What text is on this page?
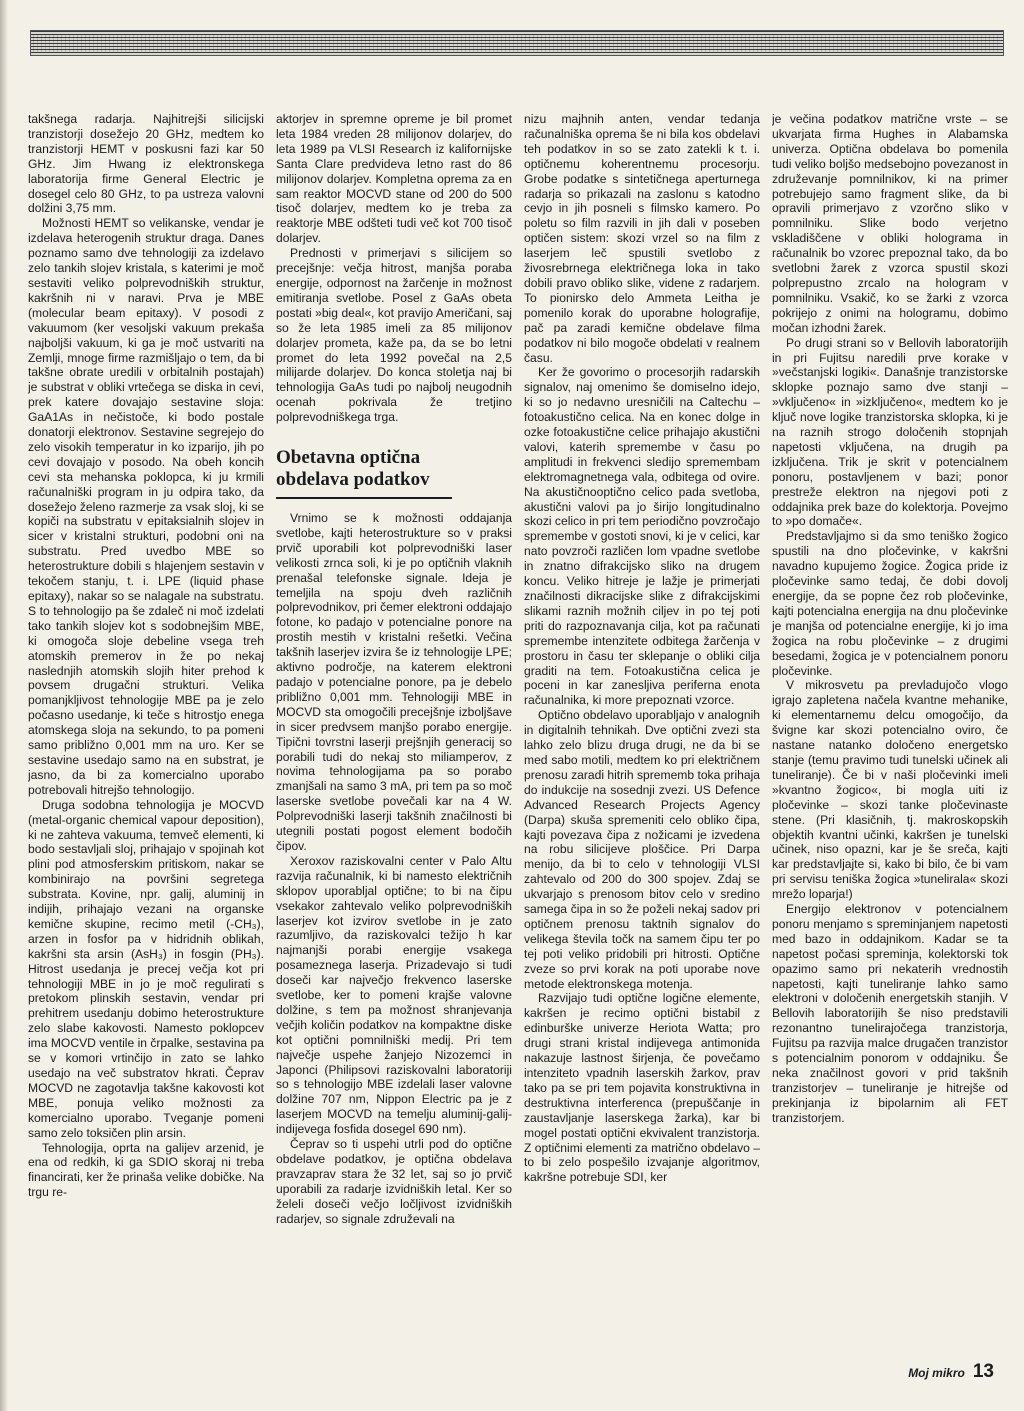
takšnega radarja. Najhitrejši silicijski tranzistorji dosežejo 20 GHz, medtem ko tranzistorji HEMT v poskusni fazi kar 50 GHz. Jim Hwang iz elektronskega laboratorija firme General Electric je dosegel celo 80 GHz, to pa ustreza valovni dolžini 3,75 mm.

Možnosti HEMT so velikanske, vendar je izdelava heterogenih struktur draga. Danes poznamo samo dve tehnologiji za izdelavo zelo tankih slojev kristala, s katerimi je moč sestaviti veliko polprevodniških struktur, kakršnih ni v naravi. Prva je MBE (molecular beam epitaxy). V posodi z vakuumom (ker vesoljski vakuum prekaša najboljši vakuum, ki ga je moč ustvariti na Zemlji, mnoge firme razmišljajo o tem, da bi takšne obrate uredili v orbitalnih postajah) je substrat v obliki vrtečega se diska in cevi, prek katere dovajajo sestavine sloja: GaA1As in nečistoče, ki bodo postale donatorji elektronov. Sestavine segrejejo do zelo visokih temperatur in ko izparijo, jih po cevi dovajajo v posodo. Na obeh koncih cevi sta mehanska poklopca, ki ju krmili računalniški program in ju odpira tako, da dosežejo želeno razmerje za vsak sloj, ki se kopiči na substratu v epitaksialnih slojev in sicer v kristalni strukturi, podobni oni na substratu. Pred uvedbo MBE so heterostrukture dobili s hlajenjem sestavin v tekočem stanju, t. i. LPE (liquid phase epitaxy), nakar so se nalagale na substratu. S to tehnologijo pa še zdaleč ni moč izdelati tako tankih slojev kot s sodobnejšim MBE, ki omogoča sloje debeline vsega treh atomskih premerov in že po nekaj naslednjih atomskih slojih hiter prehod k povsem drugačni strukturi. Velika pomanjkljivost tehnologije MBE pa je zelo počasno usedanje, ki teče s hitrostjo enega atomskega sloja na sekundo, to pa pomeni samo približno 0,001 mm na uro. Ker se sestavine usedajo samo na en substrat, je jasno, da bi za komercialno uporabo potrebovali hitrejšo tehnologijo.

Druga sodobna tehnologija je MOCVD (metal-organic chemical vapour deposition), ki ne zahteva vakuuma, temveč elementi, ki bodo sestavljali sloj, prihajajo v spojinah kot plini pod atmosferskim pritiskom, nakar se kombinirajo na površini segretega substrata. Kovine, npr. galij, aluminij in indijih, prihajajo vezani na organske kemične skupine, recimo metil (-CH₃), arzen in fosfor pa v hidridnih oblikah, kakršni sta arsin (AsH₃) in fosgin (PH₃). Hitrost usedanja je precej večja kot pri tehnologiji MBE in jo je moč regulirati s pretokom plinskih sestavin, vendar pri prehitrem usedanju dobimo heterostrukture zelo slabe kakovosti. Namesto poklopcev ima MOCVD ventile in črpalke, sestavina pa se v komori vrtinčijo in zato se lahko usedajo na več substratov hkrati. Čeprav MOCVD ne zagotavlja takšne kakovosti kot MBE, ponuja veliko možnosti za komercialno uporabo. Tveganje pomeni samo zelo toksičen plin arsin.

Tehnologija, oprta na galijev arzenid, je ena od redkih, ki ga SDIO skoraj ni treba financirati, ker že prinaša velike dobičke. Na trgu re-

aktorjev in spremne opreme je bil promet leta 1984 vreden 28 milijonov dolarjev, do leta 1989 pa VLSI Research iz kalifornijske Santa Clare predvideva letno rast do 86 milijonov dolarjev. Kompletna oprema za en sam reaktor MOCVD stane od 200 do 500 tisoč dolarjev, medtem ko je treba za reaktorje MBE odšteti tudi več kot 700 tisoč dolarjev.

Prednosti v primerjavi s silicijem so precejšnje: večja hitrost, manjša poraba energije, odpornost na žarčenje in možnost emitiranja svetlobe. Posel z GaAs obeta postati »big deal«, kot pravijo Američani, saj so že leta 1985 imeli za 85 milijonov dolarjev prometa, kaže pa, da se bo letni promet do leta 1992 povečal na 2,5 milijarde dolarjev. Do konca stoletja naj bi tehnologija GaAs tudi po najbolj neugodnih ocenah pokrivala že tretjino polprevodniškega trga.

Obetavna optična obdelava podatkov

Vrnimo se k možnosti oddajanja svetlobe, kajti heterostrukture so v praksi prvič uporabili kot polprevodniški laser velikosti zrnca soli, ki je po optičnih vlaknih prenašal telefonske signale. Ideja je temeljila na spoju dveh različnih polprevodnikov, pri čemer elektroni oddajajo fotone, ko padajo v potencialne ponore na prostih mestih v kristalni rešetki. Večina takšnih laserjev izvira še iz tehnologije LPE; aktivno področje, na katerem elektroni padajo v potencialne ponore, pa je debelo približno 0,001 mm. Tehnologiji MBE in MOCVD sta omogočili precejšnje izboljšave in sicer predvsem manjšo porabo energije. Tipični tovrstni laserji prejšnjih generacij so porabili tudi do nekaj sto miliamperov, z novima tehnologijama pa so porabo zmanjšali na samo 3 mA, pri tem pa so moč laserske svetlobe povečali kar na 4 W. Polprevodniški laserji takšnih značilnosti bi utegnili postati pogost element bodočih čipov.

Xeroxov raziskovalni center v Palo Altu razvija računalnik, ki bi namesto električnih sklopov uporabljal optične; to bi na čipu vsekakor zahtevalo veliko polprevodniških laserjev kot izvirov svetlobe in je zato razumljivo, da raziskovalci težijo h kar najmanjši porabi energije vsakega posameznega laserja. Prizadevajo si tudi doseči kar največjo frekvenco laserske svetlobe, ker to pomeni krajše valovne dolžine, s tem pa možnost shranjevanja večjih količin podatkov na kompaktne diske kot optični pomnilniški medij. Pri tem največje uspehe žanjejo Nizozemci in Japonci (Philipsovi raziskovalni laboratoriji so s tehnologijo MBE izdelali laser valovne dolžine 707 nm, Nippon Electric pa je z laserjem MOCVD na temelju aluminij-galij-indijevega fosfida dosegel 690 nm).

Čeprav so ti uspehi utrli pod do optične obdelave podatkov, je optična obdelava pravzaprav stara že 32 let, saj so jo prvič uporabili za radarje izvidniških letal. Ker so želeli doseči večjo ločljivost izvidniških radarjev, so signale združevali na

nizu majhnih anten, vendar tedanja računalniška oprema še ni bila kos obdelavi teh podatkov in so se zato zatekli k t. i. optičnemu koherentnemu procesorju. Grobe podatke s sintetičnega aperturnega radarja so prikazali na zaslonu s katodno cevjo in jih posneli s filmsko kamero. Po poletu so film razvili in jih dali v poseben optičen sistem: skozi vrzel so na film z laserjem leč spustili svetlobo z živosrebrnega električnega loka in tako dobili pravo obliko slike, videne z radarjem. To pionirsko delo Ammeta Leitha je pomenilo korak do uporabne holografije, pač pa zaradi kemične obdelave filma podatkov ni bilo mogoče obdelati v realnem času.

Ker že govorimo o procesorjih radarskih signalov, naj omenimo še domiselno idejo, ki so jo nedavno uresničili na Caltechu – fotoakustično celica. Na en konec dolge in ozke fotoakustične celice prihajajo akustični valovi, katerih spremembe v času po amplitudi in frekvenci sledijo spremembam elektromagnetnega vala, odbitega od ovire. Na akustičnooptično celico pada svetloba, akustični valovi pa jo širijo longitudinalno skozi celico in pri tem periodično povzročajo spremembe v gostoti snovi, ki je v celici, kar nato povzroči različen lom vpadne svetlobe in znatno difrakcijsko sliko na drugem koncu. Veliko hitreje je lažje je primerjati značilnosti dikracijske slike z difrakcijskimi slikami raznih možnih ciljev in po tej poti priti do razpoznavanja cilja, kot pa računati spremembe intenzitete odbitega žarčenja v prostoru in času ter sklepanje o obliki cilja graditi na tem. Fotoakustična celica je poceni in kar zanesljiva periferna enota računalnika, ki more prepoznati vzorce.

Optično obdelavo uporabljajo v analognih in digitalnih tehnikah. Dve optični zvezi sta lahko zelo blizu druga drugi, ne da bi se med sabo motili, medtem ko pri električnem prenosu zaradi hitrih sprememb toka prihaja do indukcije na sosednji zvezi. US Defence Advanced Research Projects Agency (Darpa) skuša spremeniti celo obliko čipa, kajti povezava čipa z nožicami je izvedena na robu silicijeve ploščice. Pri Darpa menijo, da bi to celo v tehnologiji VLSI zahtevalo od 200 do 300 spojev. Zdaj se ukvarjajo s prenosom bitov celo v sredino samega čipa in so že poželi nekaj sadov pri optičnem prenosu taktnih signalov do velikega števila točk na samem čipu ter po tej poti veliko pridobili pri hitrosti. Optične zveze so prvi korak na poti uporabe nove metode elektronskega motenja.

Razvijajo tudi optične logične elemente, kakršen je recimo optični bistabil z edinburške univerze Heriota Watta; pro drugi strani kristal indijevega antimonida nakazuje lastnost širjenja, če povečamo intenziteto vpadnih laserskih žarkov, prav tako pa se pri tem pojavita konstruktivna in destruktivna interferenca (prepuščanje in zaustavljanje laserskega žarka), kar bi mogel postati optični ekvivalent tranzistorja. Z optičnimi elementi za matrično obdelavo – to bi zelo pospešilo izvajanje algoritmov, kakršne potrebuje SDI, ker

je večina podatkov matrične vrste – se ukvarjata firma Hughes in Alabamska univerza. Optična obdelava bo pomenila tudi veliko boljšo medsebojno povezanost in združevanje pomnilnikov, ki na primer potrebujejo samo fragment slike, da bi opravili primerjavo z vzorčno sliko v pomnilniku. Slike bodo verjetno vskladiščene v obliki holograma in računalnik bo vzorec prepoznal tako, da bo svetlobni žarek z vzorca spustil skozi polprepustno zrcalo na hologram v pomnilniku. Vsakič, ko se žarki z vzorca pokrijejo z onimi na hologramu, dobimo močan izhodni žarek.

Po drugi strani so v Bellovih laboratorijih in pri Fujitsu naredili prve korake v »večstanjski logiki«. Današnje tranzistorske sklopke poznajo samo dve stanji – »vključeno« in »izključeno«, medtem ko je ključ nove logike tranzistorska sklopka, ki je na raznih strogo določenih stopnjah napetosti vključena, na drugih pa izključena. Trik je skrit v potencialnem ponoru, postavljenem v bazi; ponor prestreže elektron na njegovi poti z oddajnika prek baze do kolektorja. Povejmo to »po domače«.

Predstavljajmo si da smo teniško žogico spustili na dno pločevinke, v kakršni navadno kupujemo žogice. Žogica pride iz pločevinke samo tedaj, če dobi dovolj energije, da se popne čez rob pločevinke, kajti potencialna energija na dnu pločevinke je manjša od potencialne energije, ki jo ima žogica na robu pločevinke – z drugimi besedami, žogica je v potencialnem ponoru pločevinke.

V mikrosvetu pa prevladujočo vlogo igrajo zapletena načela kvantne mehanike, ki elementarnemu delcu omogočijo, da švigne kar skozi potencialno oviro, če nastane natanko določeno energetsko stanje (temu pravimo tudi tunelski učinek ali tuneliranje). Če bi v naši pločevinki imeli »kvantno žogico«, bi mogla uiti iz pločevinke – skozi tanke pločevinaste stene. (Pri klasičnih, tj. makroskopskih objektih kvantni učinki, kakršen je tunelski učinek, niso opazni, kar je še sreča, kajti kar predstavljajte si, kako bi bilo, če bi vam pri servisu teniška žogica »tunelirala« skozi mrežo loparja!)

Energijo elektronov v potencialnem ponoru menjamo s spreminjanjem napetosti med bazo in oddajnikom. Kadar se ta napetost počasi spreminja, kolektorski tok opazimo samo pri nekaterih vrednostih napetosti, kajti tuneliranje lahko samo elektroni v določenih energetskih stanjih. V Bellovih laboratorijih še niso predstavili rezonantno tunelirajočega tranzistorja, Fujitsu pa razvija malce drugačen tranzistor s potencialnim ponorom v oddajniku. Še neka značilnost govori v prid takšnih tranzistorjev – tuneliranje je hitrejše od prekinjanja iz bipolarnim ali FET tranzistorjem.

Moj mikro 13
